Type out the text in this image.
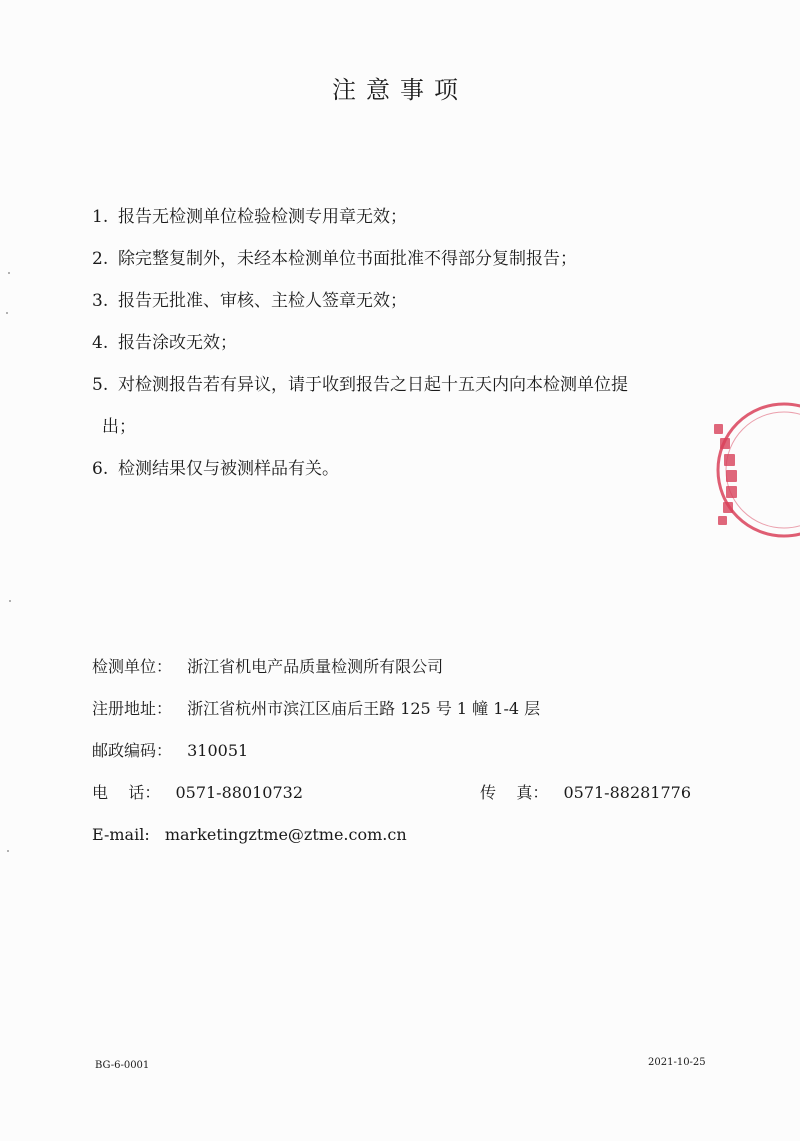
注意事项
1. 报告无检测单位检验检测专用章无效；
2. 除完整复制外，未经本检测单位书面批准不得部分复制报告；
3. 报告无批准、审核、主检人签章无效；
4. 报告涂改无效；
5. 对检测报告若有异议，请于收到报告之日起十五天内向本检测单位提
出；
6. 检测结果仅与被测样品有关。
检测单位： 浙江省机电产品质量检测所有限公司
注册地址： 浙江省杭州市滨江区庙后王路 125 号 1 幢 1-4 层
邮政编码： 310051
电    话： 0571-88010732	传    真： 0571-88281776
E-mail: marketingztme@ztme.com.cn
BG-6-0001	2021-10-25
